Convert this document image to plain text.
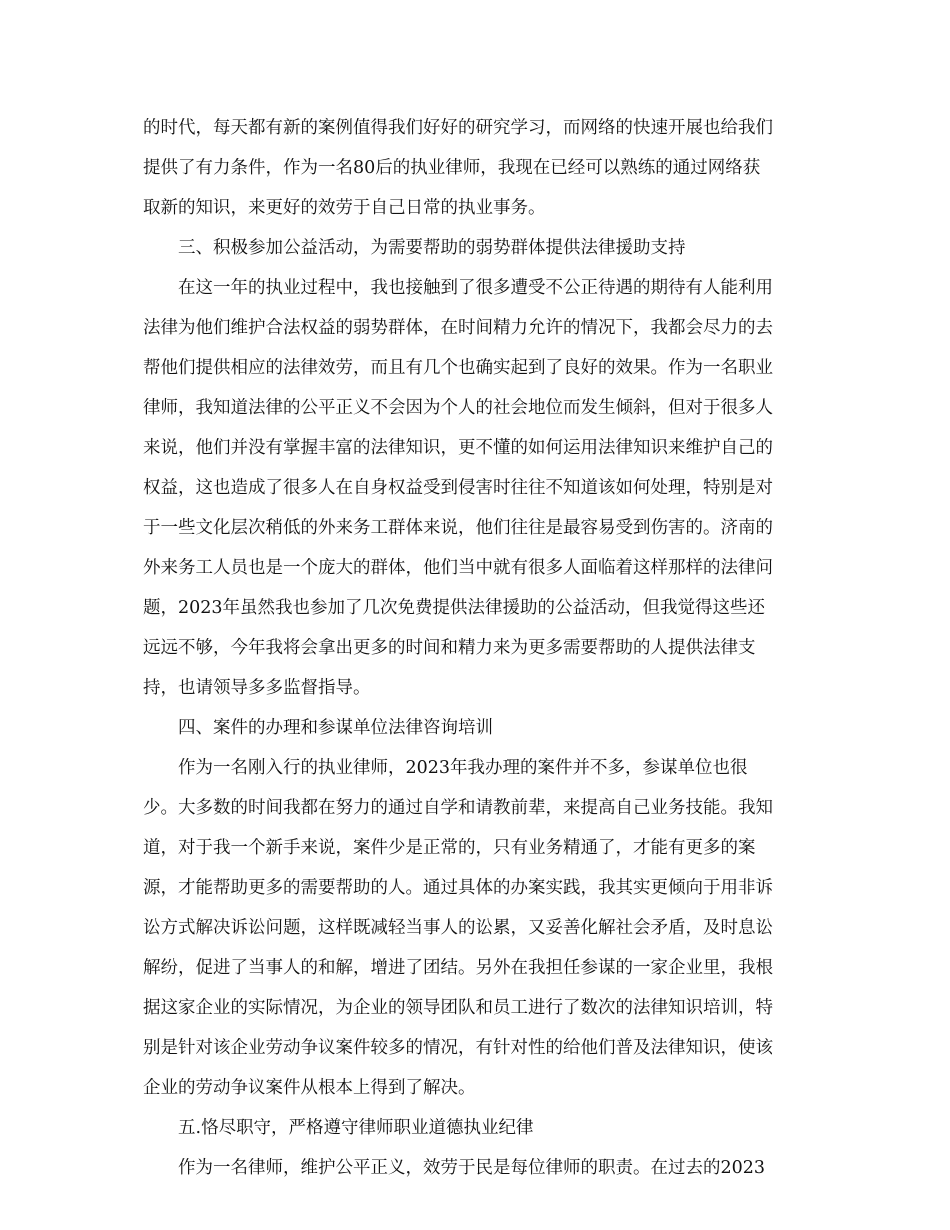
的时代，每天都有新的案例值得我们好好的研究学习，而网络的快速开展也给我们
提供了有力条件，作为一名80后的执业律师，我现在已经可以熟练的通过网络获
取新的知识，来更好的效劳于自己日常的执业事务。
三、积极参加公益活动，为需要帮助的弱势群体提供法律援助支持
在这一年的执业过程中，我也接触到了很多遭受不公正待遇的期待有人能利用
法律为他们维护合法权益的弱势群体，在时间精力允许的情况下，我都会尽力的去
帮他们提供相应的法律效劳，而且有几个也确实起到了良好的效果。作为一名职业
律师，我知道法律的公平正义不会因为个人的社会地位而发生倾斜，但对于很多人
来说，他们并没有掌握丰富的法律知识，更不懂的如何运用法律知识来维护自己的
权益，这也造成了很多人在自身权益受到侵害时往往不知道该如何处理，特别是对
于一些文化层次稍低的外来务工群体来说，他们往往是最容易受到伤害的。济南的
外来务工人员也是一个庞大的群体，他们当中就有很多人面临着这样那样的法律问
题，2023年虽然我也参加了几次免费提供法律援助的公益活动，但我觉得这些还
远远不够，今年我将会拿出更多的时间和精力来为更多需要帮助的人提供法律支
持，也请领导多多监督指导。
四、案件的办理和参谋单位法律咨询培训
作为一名刚入行的执业律师，2023年我办理的案件并不多，参谋单位也很
少。大多数的时间我都在努力的通过自学和请教前辈，来提高自己业务技能。我知
道，对于我一个新手来说，案件少是正常的，只有业务精通了，才能有更多的案
源，才能帮助更多的需要帮助的人。通过具体的办案实践，我其实更倾向于用非诉
讼方式解决诉讼问题，这样既减轻当事人的讼累，又妥善化解社会矛盾，及时息讼
解纷，促进了当事人的和解，增进了团结。另外在我担任参谋的一家企业里，我根
据这家企业的实际情况，为企业的领导团队和员工进行了数次的法律知识培训，特
别是针对该企业劳动争议案件较多的情况，有针对性的给他们普及法律知识，使该
企业的劳动争议案件从根本上得到了解决。
五.恪尽职守，严格遵守律师职业道德执业纪律
作为一名律师，维护公平正义，效劳于民是每位律师的职责。在过去的2023
